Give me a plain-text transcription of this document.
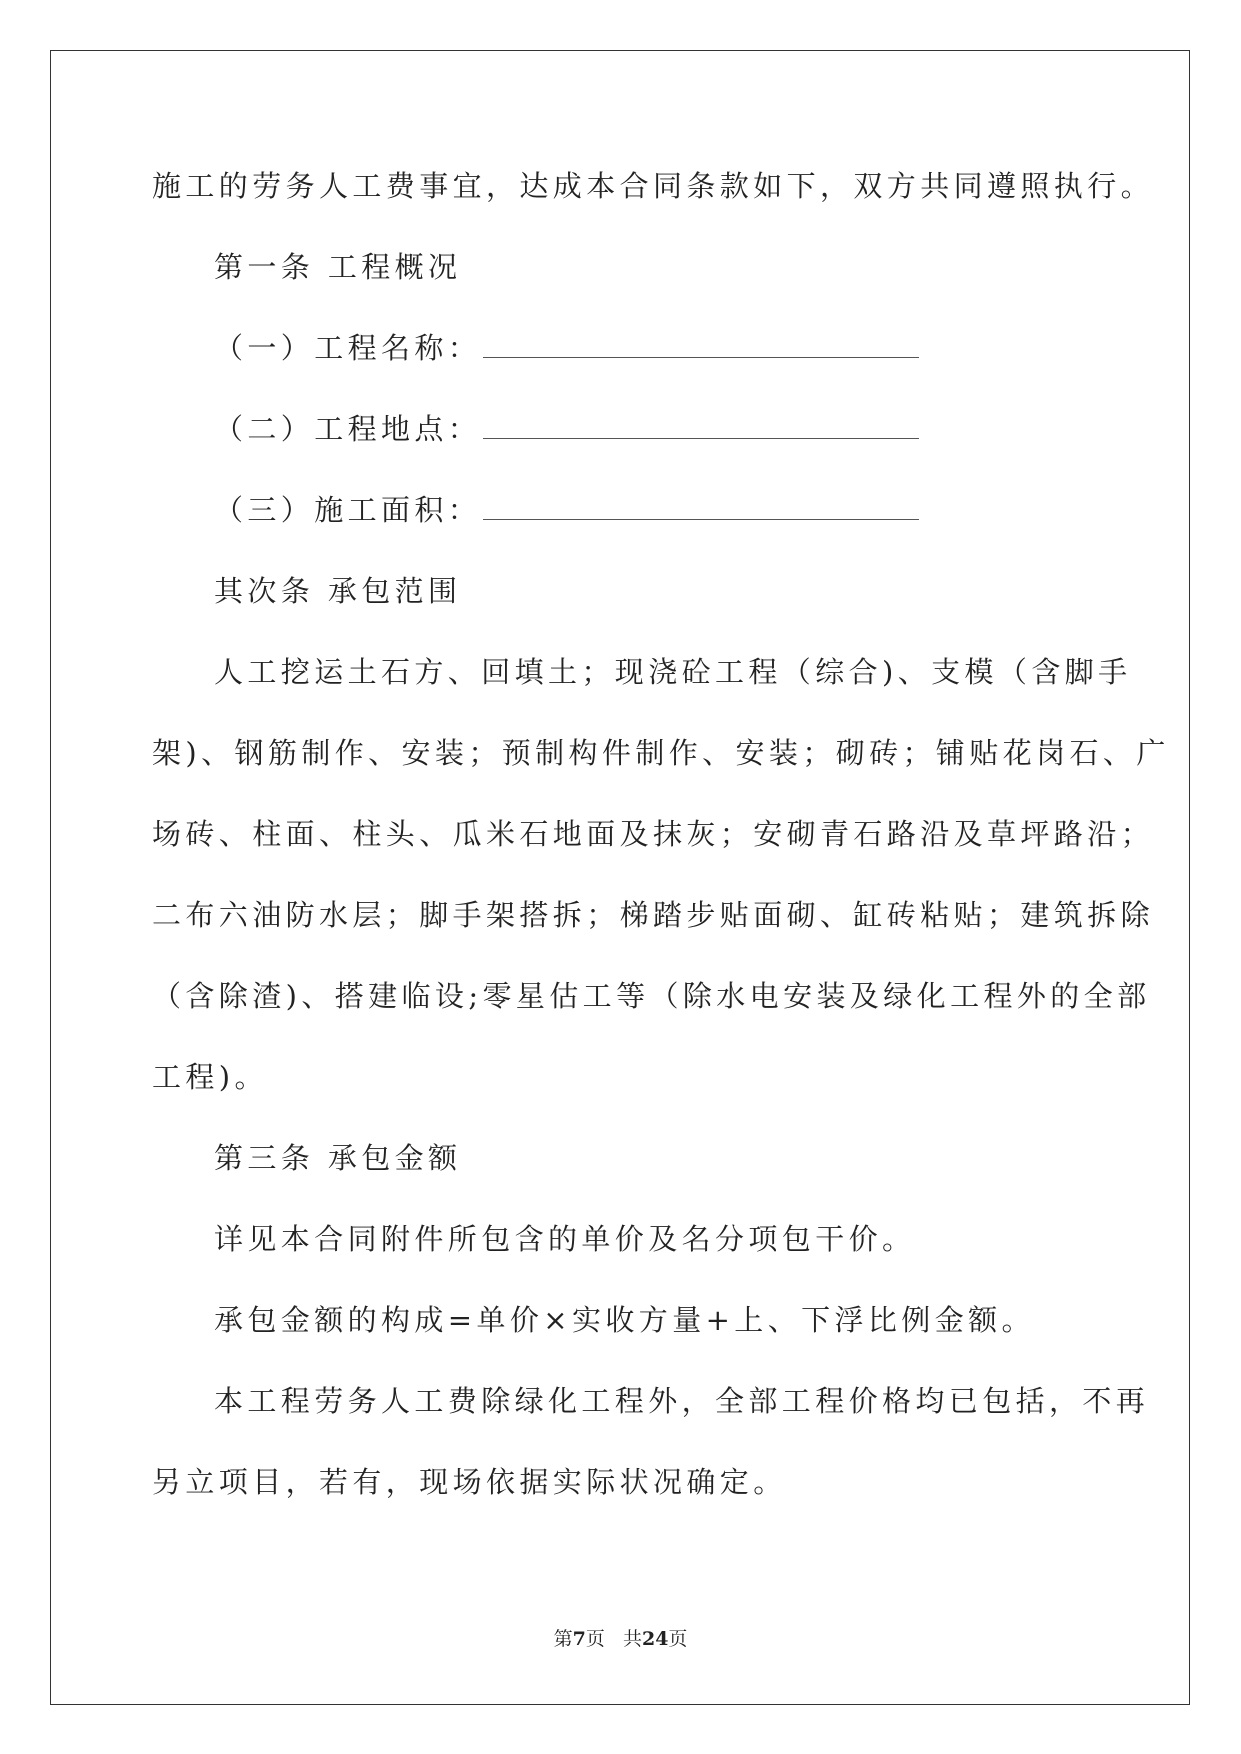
施工的劳务人工费事宜，达成本合同条款如下，双方共同遵照执行。
第一条 工程概况
（一）工程名称：
（二）工程地点：
（三）施工面积：
其次条 承包范围
人工挖运土石方、回填土；现浇砼工程（综合)、支模（含脚手
架)、钢筋制作、安装；预制构件制作、安装；砌砖；铺贴花岗石、广
场砖、柱面、柱头、瓜米石地面及抹灰；安砌青石路沿及草坪路沿；
二布六油防水层；脚手架搭拆；梯踏步贴面砌、缸砖粘贴；建筑拆除
（含除渣)、搭建临设;零星估工等（除水电安装及绿化工程外的全部
工程)。
第三条 承包金额
详见本合同附件所包含的单价及名分项包干价。
承包金额的构成=单价×实收方量+上、下浮比例金额。
本工程劳务人工费除绿化工程外，全部工程价格均已包括，不再
另立项目，若有，现场依据实际状况确定。
第7页 共24页
